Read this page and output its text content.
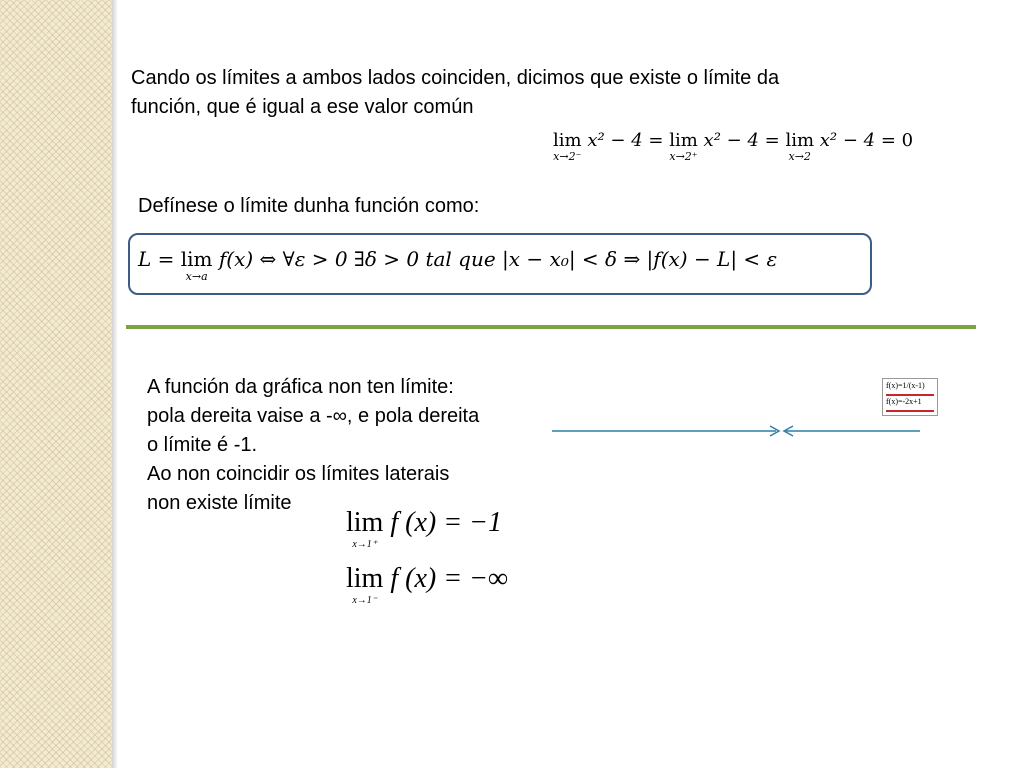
Cando os límites a ambos lados coinciden, dicimos que existe o límite da
función, que é igual a ese valor común
lim
x→2⁻
x² − 4 = lim
x→2⁺
x² − 4 = lim
x→2
x² − 4 = 0
Defínese o límite dunha función como:
L = lim
x→a
f(x) ⇔ ∀ε > 0 ∃δ > 0 tal que |x − x₀| < δ ⇒ |f(x) − L| < ε
A función da gráfica non ten límite:
pola dereita vaise a -∞, e pola dereita
o límite é -1.
Ao non coincidir os límites laterais
non existe límite
f(x)=1/(x-1)
f(x)=-2x+1
lim
x→1⁺
f (x) = −1
lim
x→1⁻
f (x) = −∞
